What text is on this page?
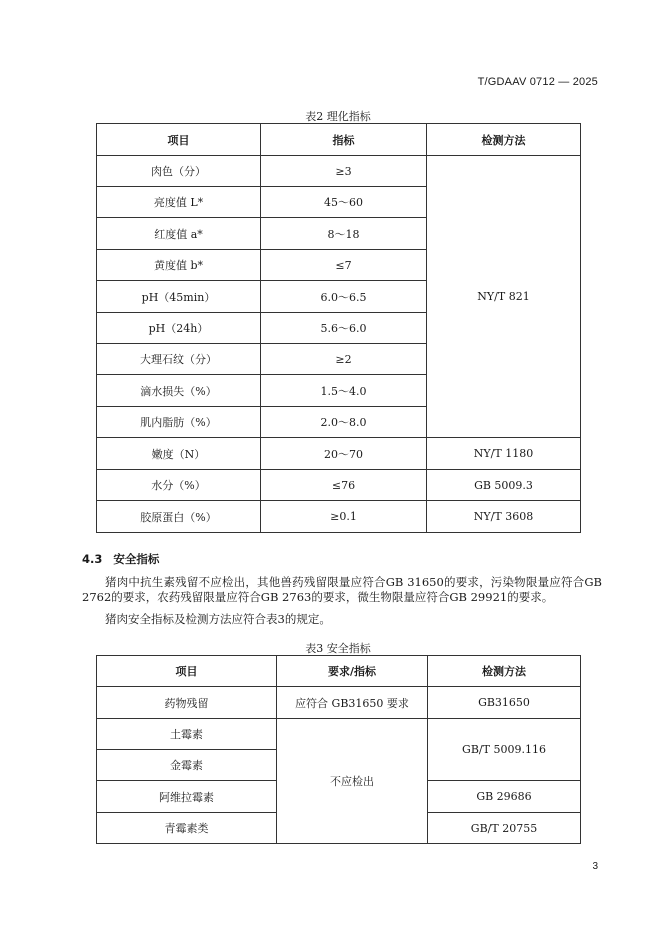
T/GDAAV 0712 — 2025
表2 理化指标
项目	指标	检测方法
肉色（分）	≥3	NY/T 821
亮度值 L*	45～60	
红度值 a*	8～18	
黄度值 b*	≤7	
pH（45min）	6.0～6.5	
pH（24h）	5.6～6.0	
大理石纹（分）	≥2	
滴水损失（%）	1.5～4.0	
肌内脂肪（%）	2.0～8.0	
嫩度（N）	20～70	NY/T 1180
水分（%）	≤76	GB 5009.3
胶原蛋白（%）	≥0.1	NY/T 3608
4.3 安全指标
猪肉中抗生素残留不应检出，其他兽药残留限量应符合GB 31650的要求，污染物限量应符合GB 2762的要求，农药残留限量应符合GB 2763的要求，微生物限量应符合GB 29921的要求。
猪肉安全指标及检测方法应符合表3的规定。
表3 安全指标
项目	要求/指标	检测方法
药物残留	应符合 GB31650 要求	GB31650
土霉素	不应检出	GB/T 5009.116
金霉素		
阿维拉霉素		GB 29686
青霉素类		GB/T 20755
3
